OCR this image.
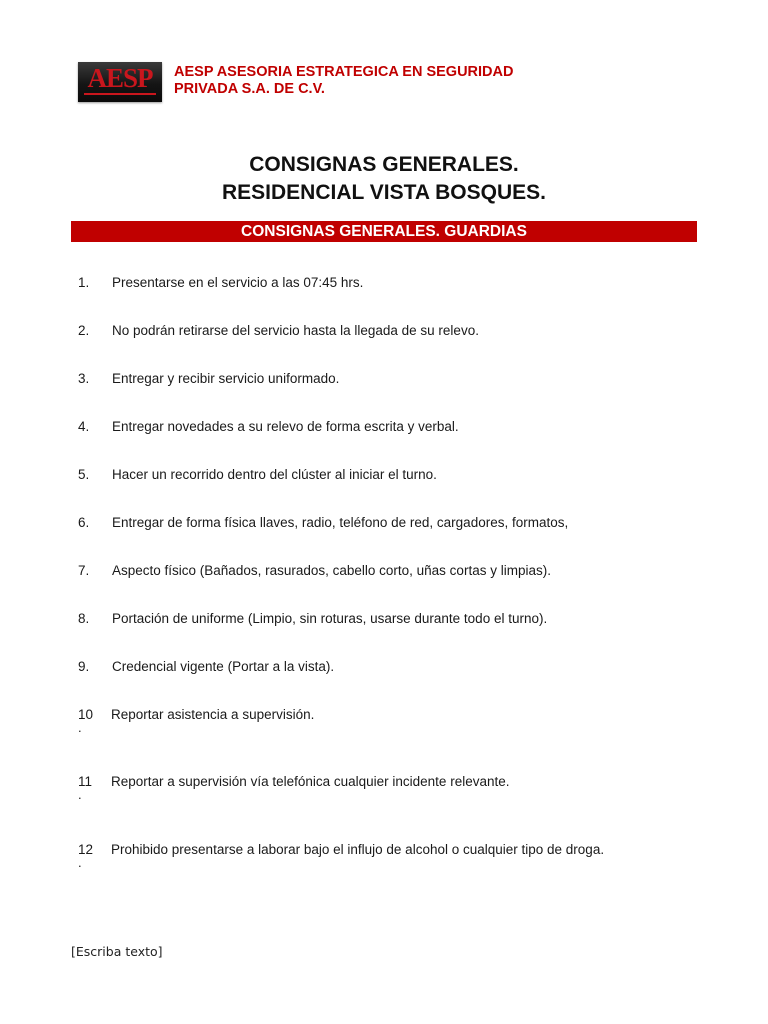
AESP	AESP ASESORIA ESTRATEGICA EN SEGURIDAD
PRIVADA S.A. DE C.V.
CONSIGNAS GENERALES.
RESIDENCIAL VISTA BOSQUES.
CONSIGNAS GENERALES. GUARDIAS
1. Presentarse en el servicio a las 07:45 hrs.
2. No podrán retirarse del servicio hasta la llegada de su relevo.
3. Entregar y recibir servicio uniformado.
4. Entregar novedades a su relevo de forma escrita y verbal.
5. Hacer un recorrido dentro del clúster al iniciar el turno.
6. Entregar de forma física llaves, radio, teléfono de red, cargadores, formatos,
7. Aspecto físico (Bañados, rasurados, cabello corto, uñas cortas y limpias).
8. Portación de uniforme (Limpio, sin roturas, usarse durante todo el turno).
9. Credencial vigente (Portar a la vista).
10 Reportar asistencia a supervisión.
.
11 Reportar a supervisión vía telefónica cualquier incidente relevante.
.
12 Prohibido presentarse a laborar bajo el influjo de alcohol o cualquier tipo de droga.
.
[Escriba texto]
